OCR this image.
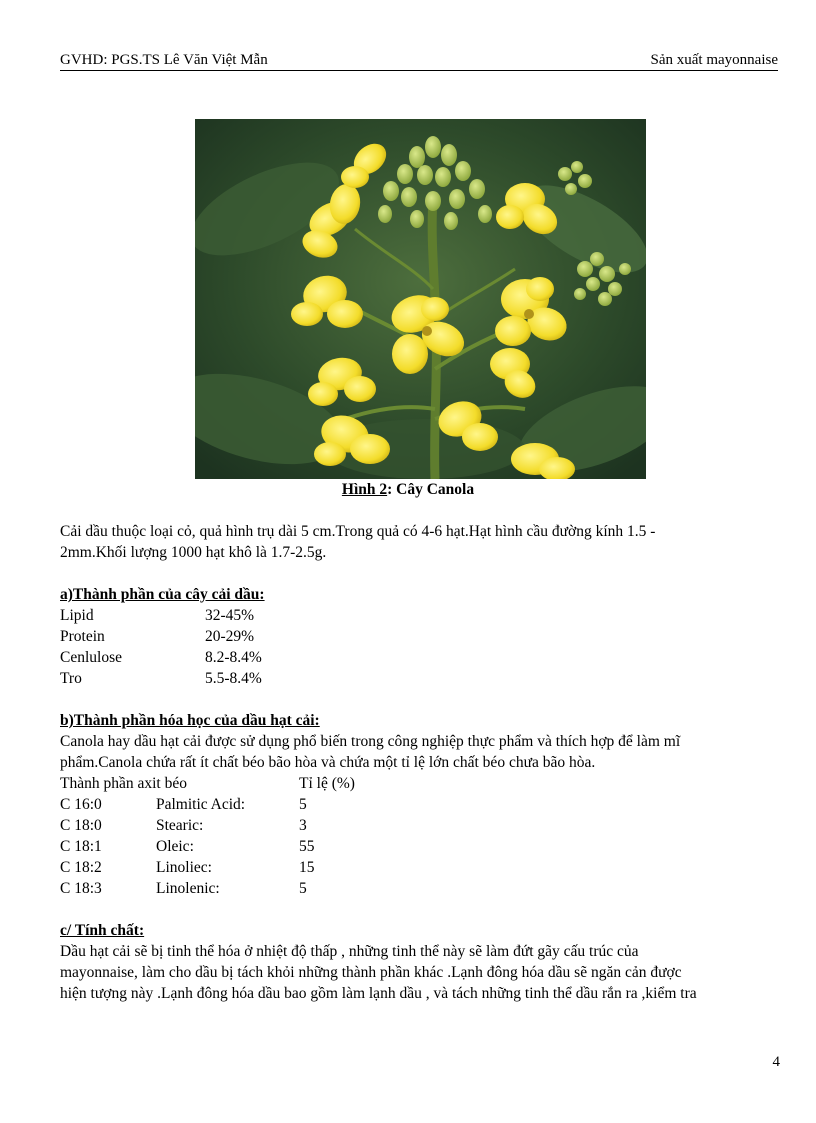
GVHD: PGS.TS Lê Văn Việt Mẫn	Sản xuất mayonnaise
Hình 2: Cây Canola

Cải dầu thuộc loại cỏ, quả hình trụ dài 5 cm.Trong quả có 4-6 hạt.Hạt hình cầu đường kính 1.5 -

2mm.Khối lượng 1000 hạt khô là 1.7-2.5g.

a)Thành phần của cây cải dầu:

Lipid	32-45%
Protein	20-29%
Cenlulose	8.2-8.4%
Tro	5.5-8.4%

b)Thành phần hóa học của dầu hạt cải:

Canola hay dầu hạt cải được sử dụng phổ biến trong công nghiệp thực phẩm và thích hợp để làm mĩ

phẩm.Canola chứa rất ít chất béo bão hòa và chứa một tỉ lệ lớn chất béo chưa bão hòa.

Thành phần axit béo	Tỉ lệ (%)
C 16:0	Palmitic Acid:	5
C 18:0	Stearic:	3
C 18:1	Oleic:	55
C 18:2	Linoliec:	15
C 18:3	Linolenic:	5

c/ Tính chất:

Dầu hạt cải sẽ bị tinh thể hóa ở nhiệt độ thấp , những tinh thể này sẽ làm đứt gãy cấu trúc của

mayonnaise, làm cho dầu bị tách khỏi những thành phần khác .Lạnh đông hóa dầu sẽ ngăn cản được

hiện tượng này .Lạnh đông hóa dầu bao gồm làm lạnh dầu , và tách những tinh thể dầu rắn ra ,kiểm tra

4
